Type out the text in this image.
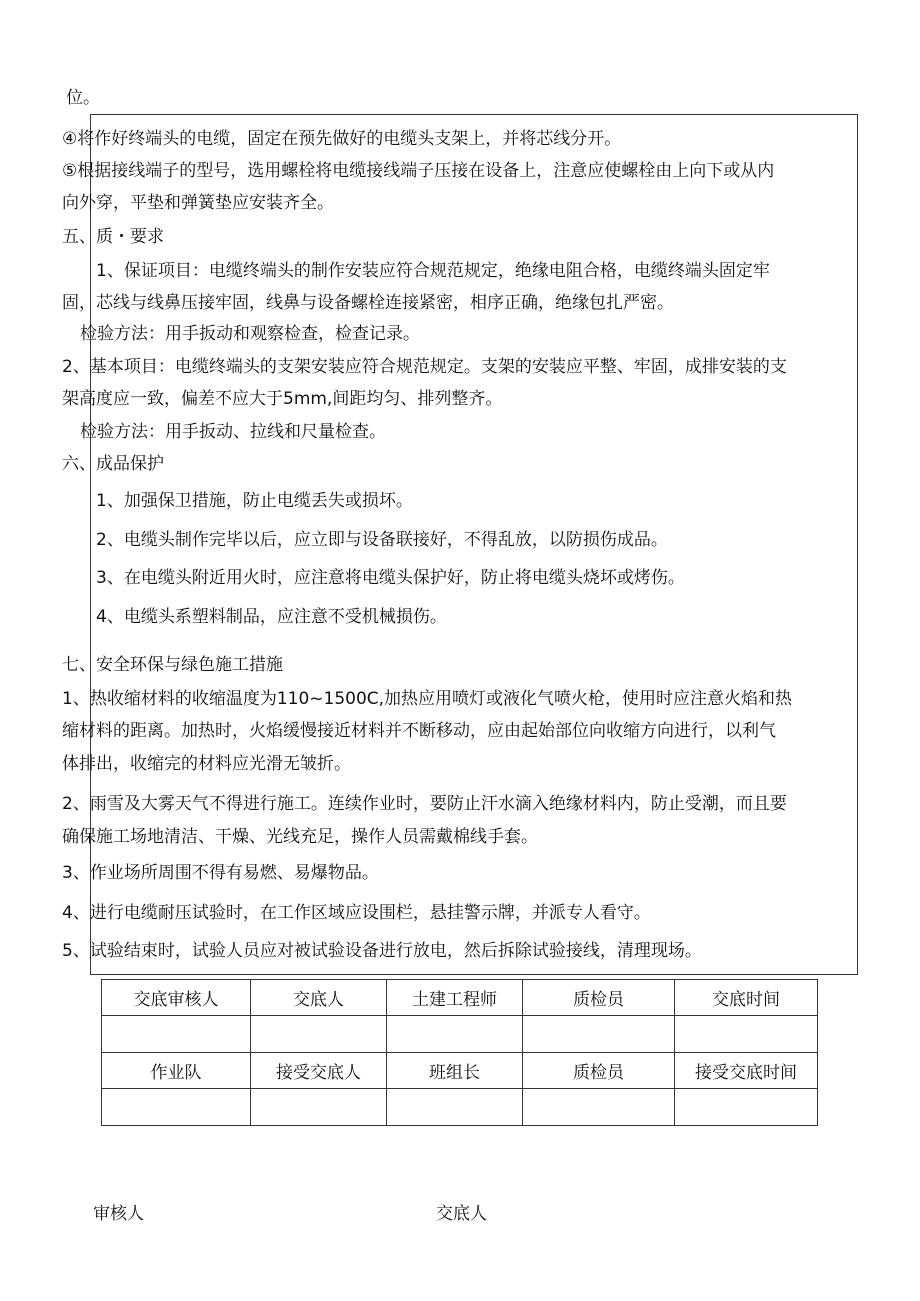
位。
④将作好终端头的电缆，固定在预先做好的电缆头支架上，并将芯线分开。
⑤根据接线端子的型号，选用螺栓将电缆接线端子压接在设备上，注意应使螺栓由上向下或从内
向外穿，平垫和弹簧垫应安装齐全。
五、质・要求
1、保证项目：电缆终端头的制作安装应符合规范规定，绝缘电阻合格，电缆终端头固定牢
固，芯线与线鼻压接牢固，线鼻与设备螺栓连接紧密，相序正确，绝缘包扎严密。
检验方法：用手扳动和观察检查，检查记录。
2、基本项目：电缆终端头的支架安装应符合规范规定。支架的安装应平整、牢固，成排安装的支
架高度应一致，偏差不应大于5mm,间距均匀、排列整齐。
检验方法：用手扳动、拉线和尺量检查。
六、成品保护
1、加强保卫措施，防止电缆丢失或损坏。
2、电缆头制作完毕以后，应立即与设备联接好，不得乱放，以防损伤成品。
3、在电缆头附近用火时，应注意将电缆头保护好，防止将电缆头烧坏或烤伤。
4、电缆头系塑料制品，应注意不受机械损伤。
七、安全环保与绿色施工措施
1、热收缩材料的收缩温度为110~1500C,加热应用喷灯或液化气喷火枪，使用时应注意火焰和热
缩材料的距离。加热时，火焰缓慢接近材料并不断移动，应由起始部位向收缩方向进行，以利气
体排出，收缩完的材料应光滑无皱折。
2、雨雪及大雾天气不得进行施工。连续作业时，要防止汗水滴入绝缘材料内，防止受潮，而且要
确保施工场地清洁、干燥、光线充足，操作人员需戴棉线手套。
3、作业场所周围不得有易燃、易爆物品。
4、进行电缆耐压试验时，在工作区域应设围栏，悬挂警示牌，并派专人看守。
5、试验结束时，试验人员应对被试验设备进行放电，然后拆除试验接线，清理现场。
交底审核人	交底人	土建工程师	质检员	交底时间

作业队	接受交底人	班组长	质检员	接受交底时间

审核人	交底人
